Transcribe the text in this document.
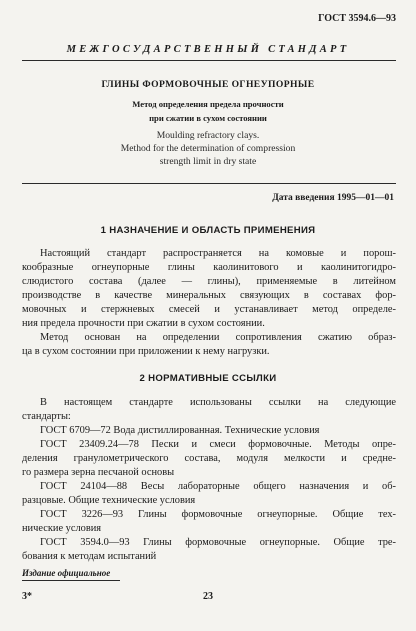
ГОСТ 3594.6—93
МЕЖГОСУДАРСТВЕННЫЙ СТАНДАРТ
ГЛИНЫ ФОРМОВОЧНЫЕ ОГНЕУПОРНЫЕ
Метод определения предела прочности
при сжатии в сухом состоянии
Moulding refractory clays.
Method for the determination of compression
strength limit in dry state
Дата введения 1995—01—01
1 НАЗНАЧЕНИЕ И ОБЛАСТЬ ПРИМЕНЕНИЯ
Настоящий стандарт распространяется на комовые и порош-
кообразные огнеупорные глины каолинитового и каолинитогидро-
слюдистого состава (далее — глины), применяемые в литейном
производстве в качестве минеральных связующих в составах фор-
мовочных и стержневых смесей и устанавливает метод определе-
ния предела прочности при сжатии в сухом состоянии.
Метод основан на определении сопротивления сжатию образ-
ца в сухом состоянии при приложении к нему нагрузки.
2 НОРМАТИВНЫЕ ССЫЛКИ
В настоящем стандарте использованы ссылки на следующие
стандарты:
ГОСТ 6709—72 Вода дистиллированная. Технические условия
ГОСТ 23409.24—78 Пески и смеси формовочные. Методы опре-
деления гранулометрического состава, модуля мелкости и средне-
го размера зерна песчаной основы
ГОСТ 24104—88 Весы лабораторные общего назначения и об-
разцовые. Общие технические условия
ГОСТ 3226—93 Глины формовочные огнеупорные. Общие тех-
нические условия
ГОСТ 3594.0—93 Глины формовочные огнеупорные. Общие тре-
бования к методам испытаний
Издание официальное
3*	23
